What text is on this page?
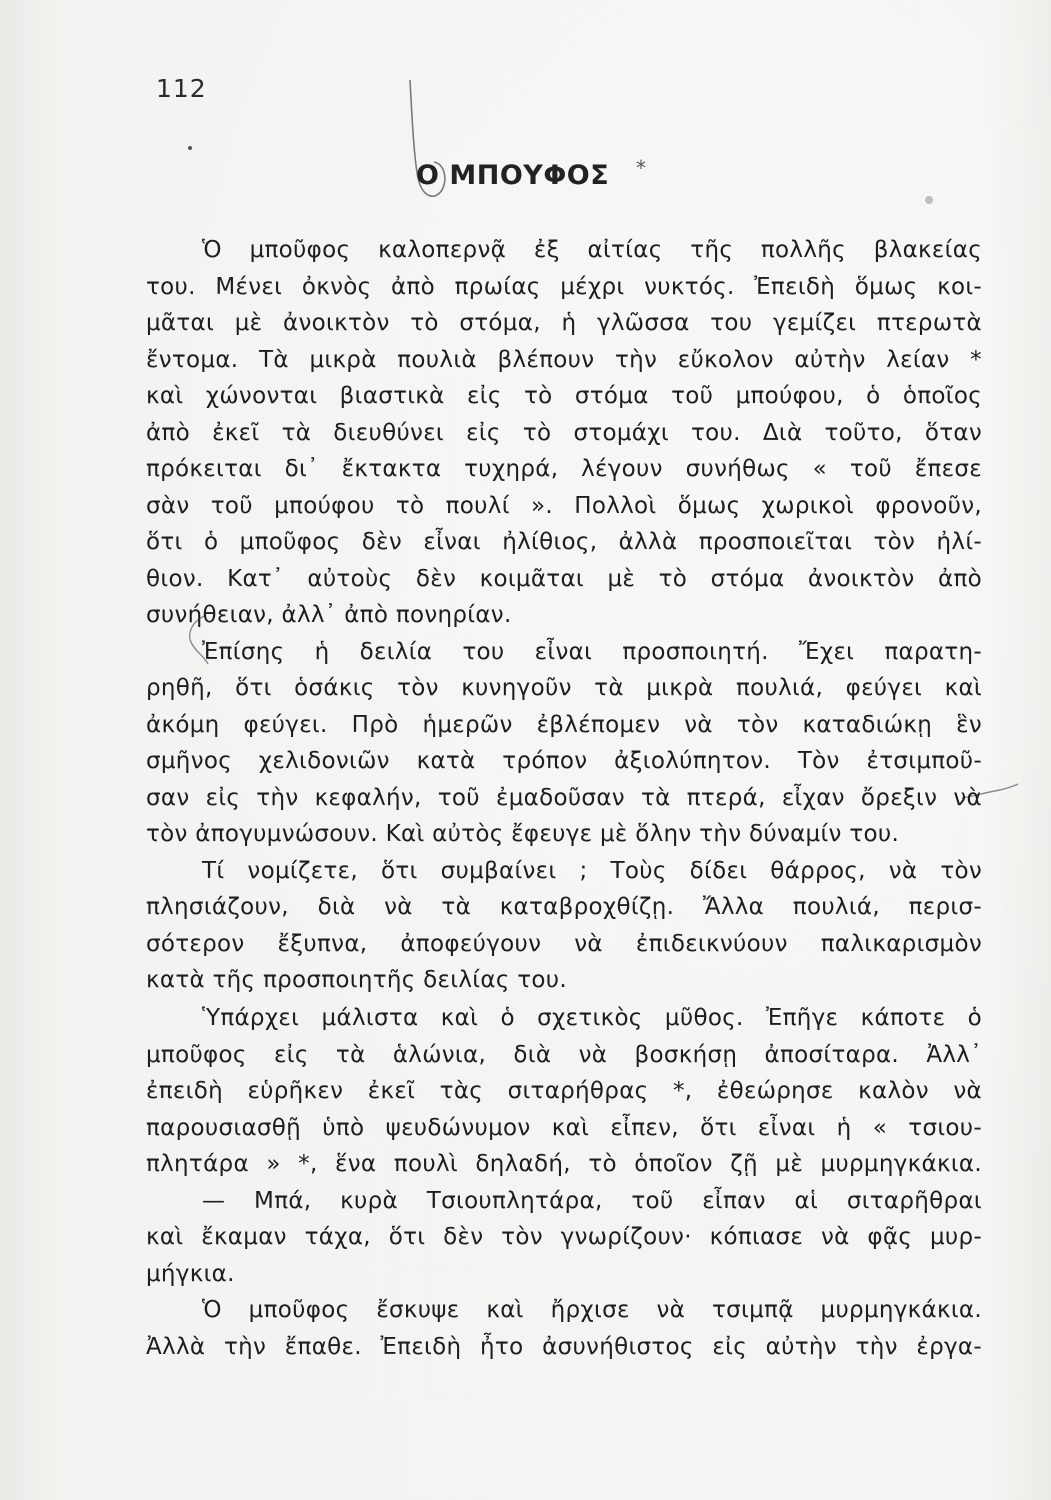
112
Ο ΜΠΟΥΦΟΣ *
Ὁ μποῦφος καλοπερνᾷ ἐξ αἰτίας τῆς πολλῆς βλακείας
του. Μένει ὀκνὸς ἀπὸ πρωίας μέχρι νυκτός. Ἐπειδὴ ὅμως κοι-
μᾶται μὲ ἀνοικτὸν τὸ στόμα, ἡ γλῶσσα του γεμίζει πτερωτὰ
ἔντομα. Τὰ μικρὰ πουλιὰ βλέπουν τὴν εὔκολον αὐτὴν λείαν *
καὶ χώνονται βιαστικὰ εἰς τὸ στόμα τοῦ μπούφου, ὁ ὁποῖος
ἀπὸ ἐκεῖ τὰ διευθύνει εἰς τὸ στομάχι του. Διὰ τοῦτο, ὅταν
πρόκειται δι᾽ ἔκτακτα τυχηρά, λέγουν συνήθως « τοῦ ἔπεσε
σὰν τοῦ μπούφου τὸ πουλί ». Πολλοὶ ὅμως χωρικοὶ φρονοῦν,
ὅτι ὁ μποῦφος δὲν εἶναι ἠλίθιος, ἀλλὰ προσποιεῖται τὸν ἠλί-
θιον. Κατ᾽ αὐτοὺς δὲν κοιμᾶται μὲ τὸ στόμα ἀνοικτὸν ἀπὸ
συνήθειαν, ἀλλ᾽ ἀπὸ πονηρίαν.
Ἐπίσης ἡ δειλία του εἶναι προσποιητή. Ἔχει παρατη-
ρηθῆ, ὅτι ὁσάκις τὸν κυνηγοῦν τὰ μικρὰ πουλιά, φεύγει καὶ
ἀκόμη φεύγει. Πρὸ ἡμερῶν ἐβλέπομεν νὰ τὸν καταδιώκῃ ἓν
σμῆνος χελιδονιῶν κατὰ τρόπον ἀξιολύπητον. Τὸν ἐτσιμποῦ-
σαν εἰς τὴν κεφαλήν, τοῦ ἐμαδοῦσαν τὰ πτερά, εἶχαν ὄρεξιν νὰ
τὸν ἀπογυμνώσουν. Καὶ αὐτὸς ἔφευγε μὲ ὅλην τὴν δύναμίν του.
Τί νομίζετε, ὅτι συμβαίνει ; Τοὺς δίδει θάρρος, νὰ τὸν
πλησιάζουν, διὰ νὰ τὰ καταβροχθίζῃ. Ἄλλα πουλιά, περισ-
σότερον ἔξυπνα, ἀποφεύγουν νὰ ἐπιδεικνύουν παλικαρισμὸν
κατὰ τῆς προσποιητῆς δειλίας του.
Ὑπάρχει μάλιστα καὶ ὁ σχετικὸς μῦθος. Ἐπῆγε κάποτε ὁ
μποῦφος εἰς τὰ ἁλώνια, διὰ νὰ βοσκήσῃ ἀποσίταρα. Ἀλλ᾽
ἐπειδὴ εὑρῆκεν ἐκεῖ τὰς σιταρήθρας *, ἐθεώρησε καλὸν νὰ
παρουσιασθῇ ὑπὸ ψευδώνυμον καὶ εἶπεν, ὅτι εἶναι ἡ « τσιου-
πλητάρα » *, ἕνα πουλὶ δηλαδή, τὸ ὁποῖον ζῇ μὲ μυρμηγκάκια.
— Μπά, κυρὰ Τσιουπλητάρα, τοῦ εἶπαν αἱ σιταρῆθραι
καὶ ἔκαμαν τάχα, ὅτι δὲν τὸν γνωρίζουν· κόπιασε νὰ φᾷς μυρ-
μήγκια.
Ὁ μποῦφος ἔσκυψε καὶ ἤρχισε νὰ τσιμπᾷ μυρμηγκάκια.
Ἀλλὰ τὴν ἔπαθε. Ἐπειδὴ ἦτο ἀσυνήθιστος εἰς αὐτὴν τὴν ἐργα-
